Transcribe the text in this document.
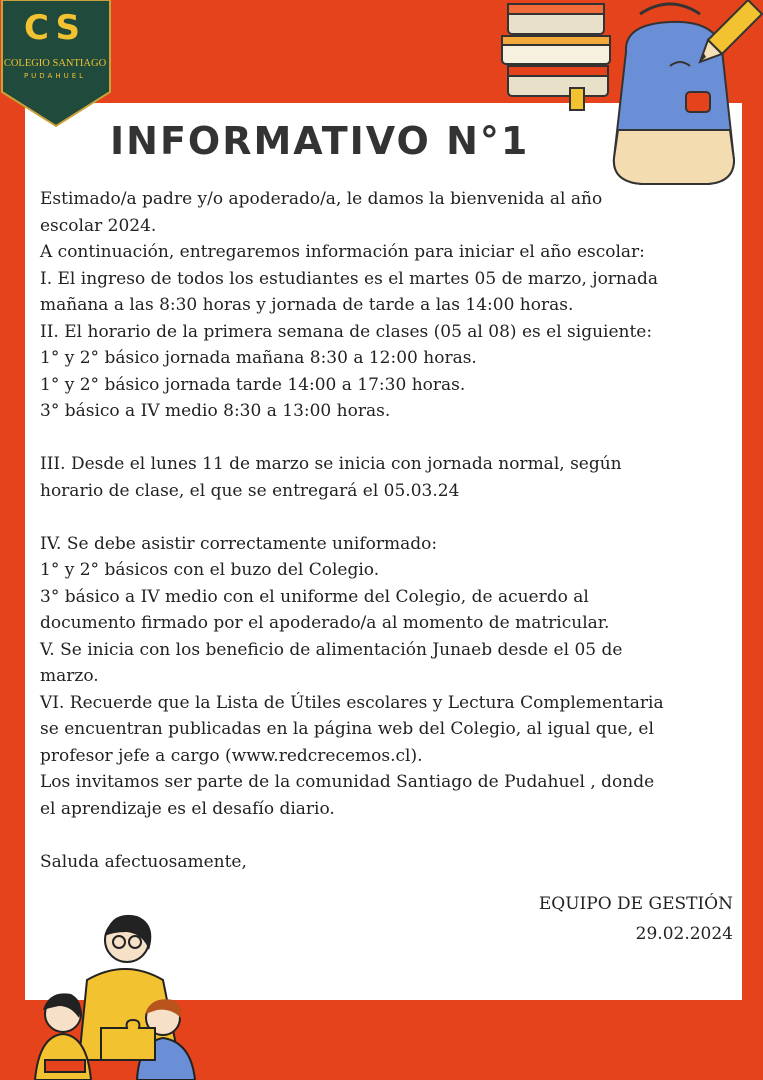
CS
COLEGIO SANTIAGO
PUDAHUEL
INFORMATIVO N°1

Estimado/a padre y/o apoderado/a, le damos la bienvenida al año

escolar 2024.

A continuación, entregaremos información para iniciar el año escolar:

I. El ingreso de todos los estudiantes es el martes 05 de marzo, jornada

mañana a las 8:30 horas y jornada de tarde a las 14:00 horas.

II. El horario de la primera semana de clases (05 al 08) es el siguiente:

1° y 2° básico jornada mañana 8:30 a 12:00 horas.

1° y 2° básico jornada tarde 14:00 a 17:30 horas.

3° básico a IV medio 8:30 a 13:00 horas.

III. Desde el lunes 11 de marzo se inicia con jornada normal, según

horario de clase, el que se entregará el 05.03.24

IV. Se debe asistir correctamente uniformado:

1° y 2° básicos con el buzo del Colegio.

3° básico a IV medio con el uniforme del Colegio, de acuerdo al

documento firmado por el apoderado/a al momento de matricular.

V. Se inicia con los beneficio de alimentación Junaeb desde el 05 de

marzo.

VI. Recuerde que la Lista de Útiles escolares y Lectura Complementaria

se encuentran publicadas en la página web del Colegio, al igual que, el

profesor jefe a cargo (www.redcrecemos.cl).

Los invitamos ser parte de la comunidad Santiago de Pudahuel , donde

el aprendizaje es el desafío diario.

Saluda afectuosamente,

EQUIPO DE GESTIÓN
29.02.2024
